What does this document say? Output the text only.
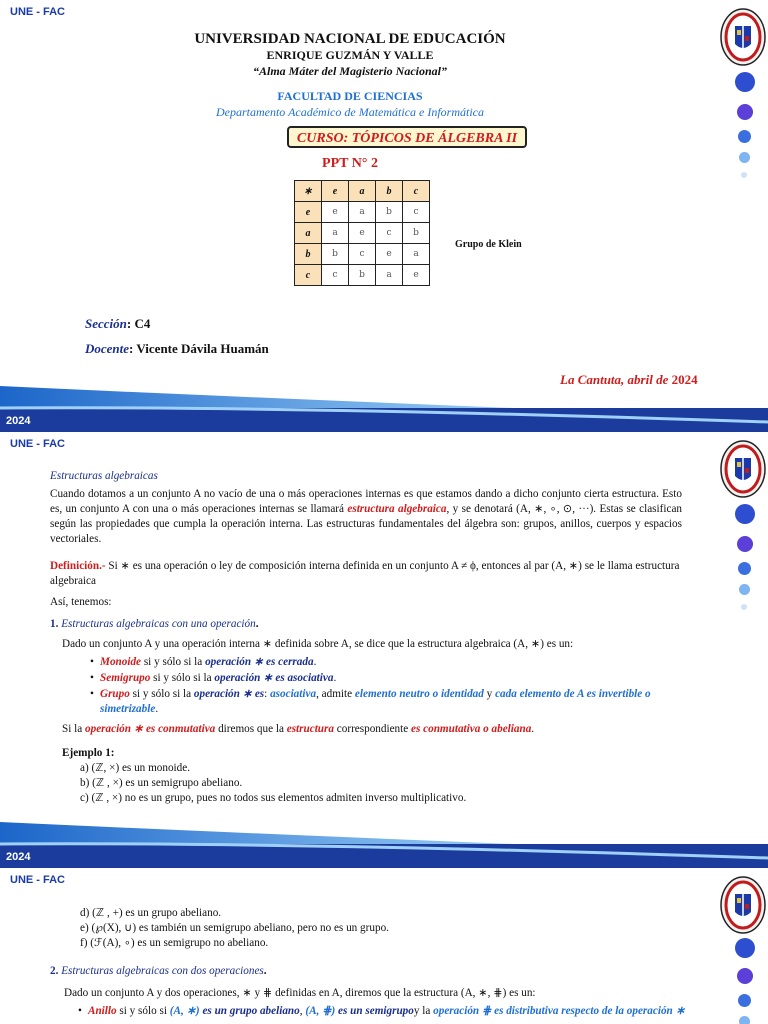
UNE - FAC
UNIVERSIDAD NACIONAL DE EDUCACIÓN
ENRIQUE GUZMÁN Y VALLE
“Alma Máter del Magisterio Nacional”
FACULTAD DE CIENCIAS
Departamento Académico de Matemática e Informática
CURSO: TÓPICOS DE ÁLGEBRA II
PPT N° 2
∗	e	a	b	c
e	e	a	b	c
a	a	e	c	b
b	b	c	e	a
c	c	b	a	e
Grupo de Klein
Sección: C4
Docente: Vicente Dávila Huamán
La Cantuta, abril de 2024
2024
UNE - FAC
Estructuras algebraicas
Cuando dotamos a un conjunto A no vacío de una o más operaciones internas es que estamos dando a dicho conjunto cierta estructura. Esto es, un conjunto A con una o más operaciones internas se llamará estructura algebraica, y se denotará (A, ∗, ∘, ⊙, ···). Estas se clasifican según las propiedades que cumpla la operación interna. Las estructuras fundamentales del álgebra son: grupos, anillos, cuerpos y espacios vectoriales.
Definición.- Si ∗ es una operación o ley de composición interna definida en un conjunto A ≠ ϕ, entonces al par (A, ∗) se le llama estructura algebraica
Así, tenemos:
1. Estructuras algebraicas con una operación.
Dado un conjunto A y una operación interna ∗ definida sobre A, se dice que la estructura algebraica (A, ∗) es un:
• Monoide si y sólo si la operación ∗ es cerrada.
• Semigrupo si y sólo si la operación ∗ es asociativa.
• Grupo si y sólo si la operación ∗ es: asociativa, admite elemento neutro o identidad y cada elemento de A es invertible o simetrizable.
Si la operación ∗ es conmutativa diremos que la estructura correspondiente es conmutativa o abeliana.
Ejemplo 1:
a) (ℤ, ×) es un monoide.
b) (ℤ , ×) es un semigrupo abeliano.
c) (ℤ , ×) no es un grupo, pues no todos sus elementos admiten inverso multiplicativo.
2024
UNE - FAC
d) (ℤ , +) es un grupo abeliano.
e) (℘(X), ∪) es también un semigrupo abeliano, pero no es un grupo.
f) (ℱ(A), ∘) es un semigrupo no abeliano.
2. Estructuras algebraicas con dos operaciones.
Dado un conjunto A y dos operaciones, ∗ y ⋕ definidas en A, diremos que la estructura (A, ∗, ⋕) es un:
• Anillo si y sólo si (A, ∗) es un grupo abeliano, (A, ⋕) es un semigrupoy la operación ⋕ es distributiva respecto de la operación ∗
